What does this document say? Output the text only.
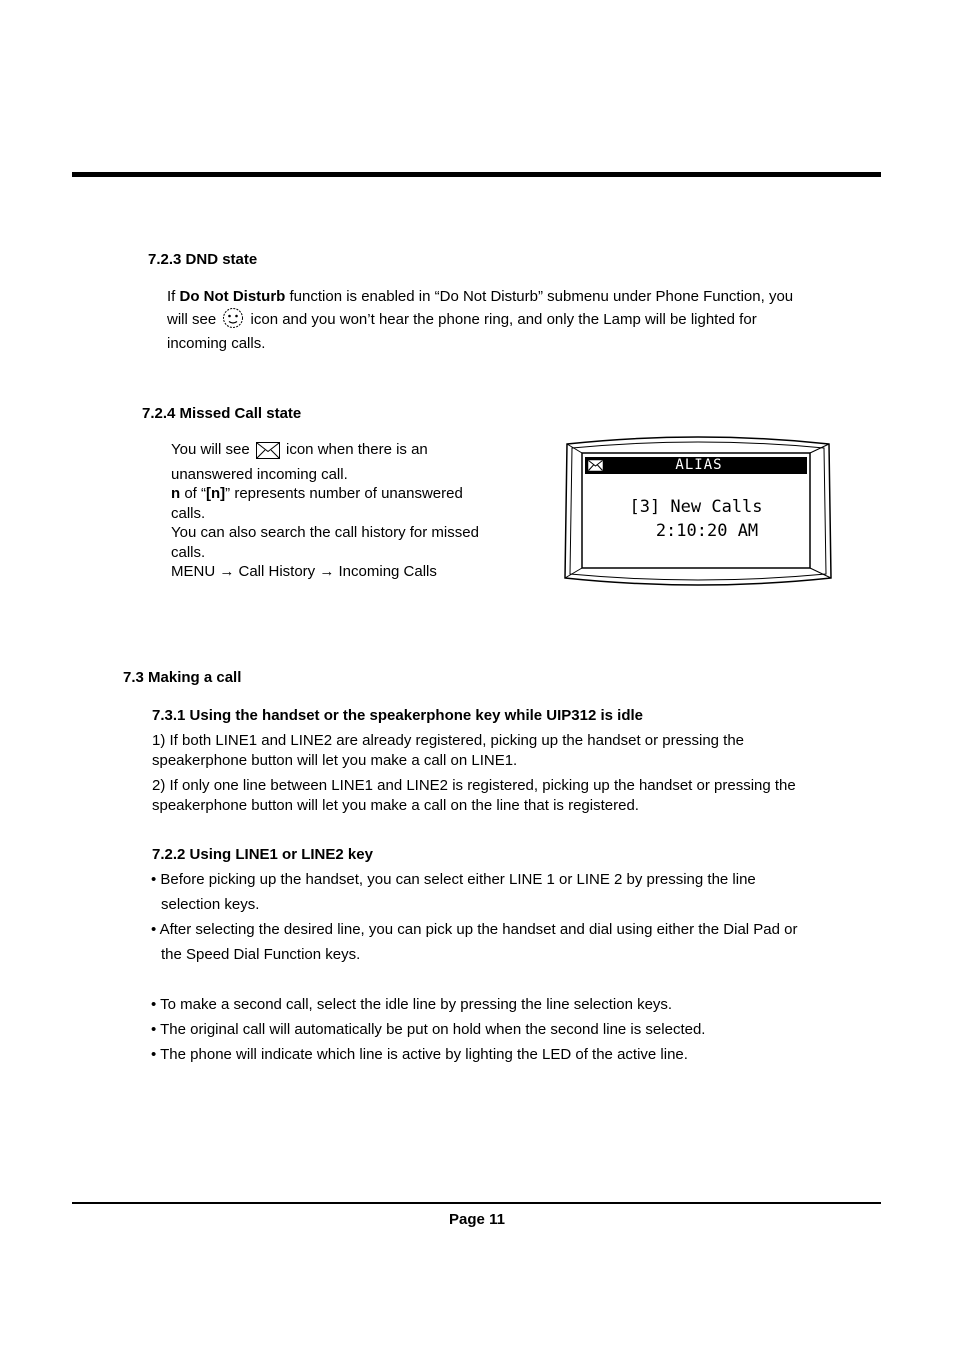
7.2.3 DND state
If Do Not Disturb function is enabled in “Do Not Disturb” submenu under Phone Function, you
will see  icon and you won’t hear the phone ring, and only the Lamp will be lighted for
incoming calls.
7.2.4 Missed Call state
You will see  icon when there is an
unanswered incoming call.
n of “[n]” represents number of unanswered
calls.
You can also search the call history for missed
calls.
MENU → Call History → Incoming Calls
ALIAS
[3] New Calls
2:10:20 AM
7.3 Making a call
7.3.1 Using the handset or the speakerphone key while UIP312 is idle
1) If both LINE1 and LINE2 are already registered, picking up the handset or pressing the
speakerphone button will let you make a call on LINE1.
2) If only one line between LINE1 and LINE2 is registered, picking up the handset or pressing the
speakerphone button will let you make a call on the line that is registered.
7.2.2 Using LINE1 or LINE2 key
• Before picking up the handset, you can select either LINE 1 or LINE 2 by pressing the line
selection keys.
• After selecting the desired line, you can pick up the handset and dial using either the Dial Pad or
the Speed Dial Function keys.
• To make a second call, select the idle line by pressing the line selection keys.
• The original call will automatically be put on hold when the second line is selected.
• The phone will indicate which line is active by lighting the LED of the active line.
Page 11
